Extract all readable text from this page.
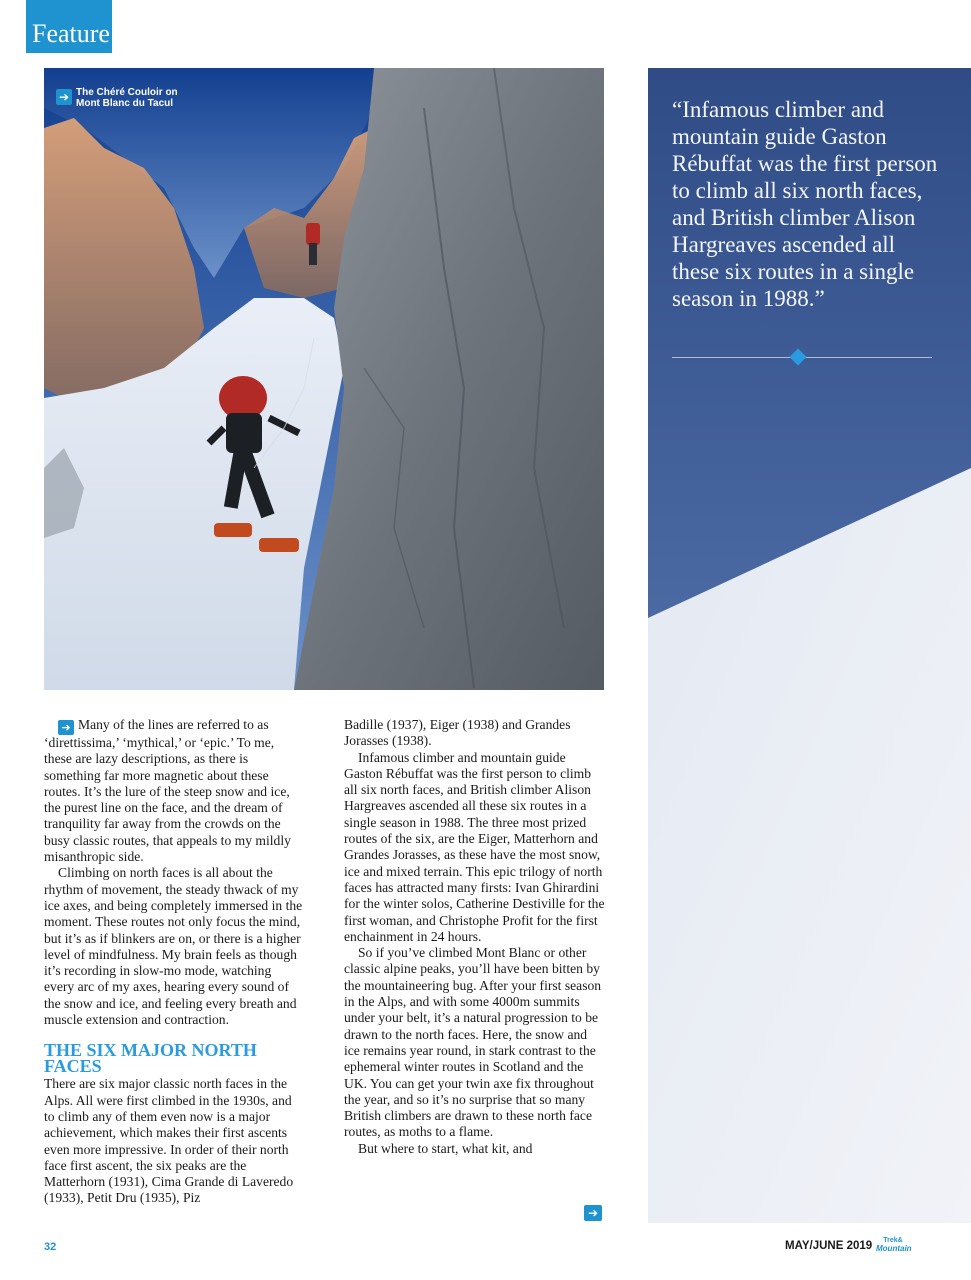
Feature
➔ The Chéré Couloir on Mont Blanc du Tacul	“Infamous climber and mountain guide Gaston Rébuffat was the first person to climb all six north faces, and British climber Alison Hargreaves ascended all these six routes in a single season in 1988.”

➔ Many of the lines are referred to as ‘direttissima,’ ‘mythical,’ or ‘epic.’ To me, these are lazy descriptions, as there is something far more magnetic about these routes. It’s the lure of the steep snow and ice, the purest line on the face, and the dream of tranquility far away from the crowds on the busy classic routes, that appeals to my mildly misanthropic side.

Climbing on north faces is all about the rhythm of movement, the steady thwack of my ice axes, and being completely immersed in the moment. These routes not only focus the mind, but it’s as if blinkers are on, or there is a higher level of mindfulness. My brain feels as though it’s recording in slow-mo mode, watching every arc of my axes, hearing every sound of the snow and ice, and feeling every breath and muscle extension and contraction.

THE SIX MAJOR NORTH FACES

There are six major classic north faces in the Alps. All were first climbed in the 1930s, and to climb any of them even now is a major achievement, which makes their first ascents even more impressive. In order of their north face first ascent, the six peaks are the Matterhorn (1931), Cima Grande di Laveredo (1933), Petit Dru (1935), Piz

Badille (1937), Eiger (1938) and Grandes Jorasses (1938).

Infamous climber and mountain guide Gaston Rébuffat was the first person to climb all six north faces, and British climber Alison Hargreaves ascended all these six routes in a single season in 1988. The three most prized routes of the six, are the Eiger, Matterhorn and Grandes Jorasses, as these have the most snow, ice and mixed terrain. This epic trilogy of north faces has attracted many firsts: Ivan Ghirardini for the winter solos, Catherine Destiville for the first woman, and Christophe Profit for the first enchainment in 24 hours.

So if you’ve climbed Mont Blanc or other classic alpine peaks, you’ll have been bitten by the mountaineering bug. After your first season in the Alps, and with some 4000m summits under your belt, it’s a natural progression to be drawn to the north faces. Here, the snow and ice remains year round, in stark contrast to the ephemeral winter routes in Scotland and the UK. You can get your twin axe fix throughout the year, and so it’s no surprise that so many British climbers are drawn to these north face routes, as moths to a flame.

But where to start, what kit, and

➔
32	MAY/JUNE 2019	Trek&
Mountain
